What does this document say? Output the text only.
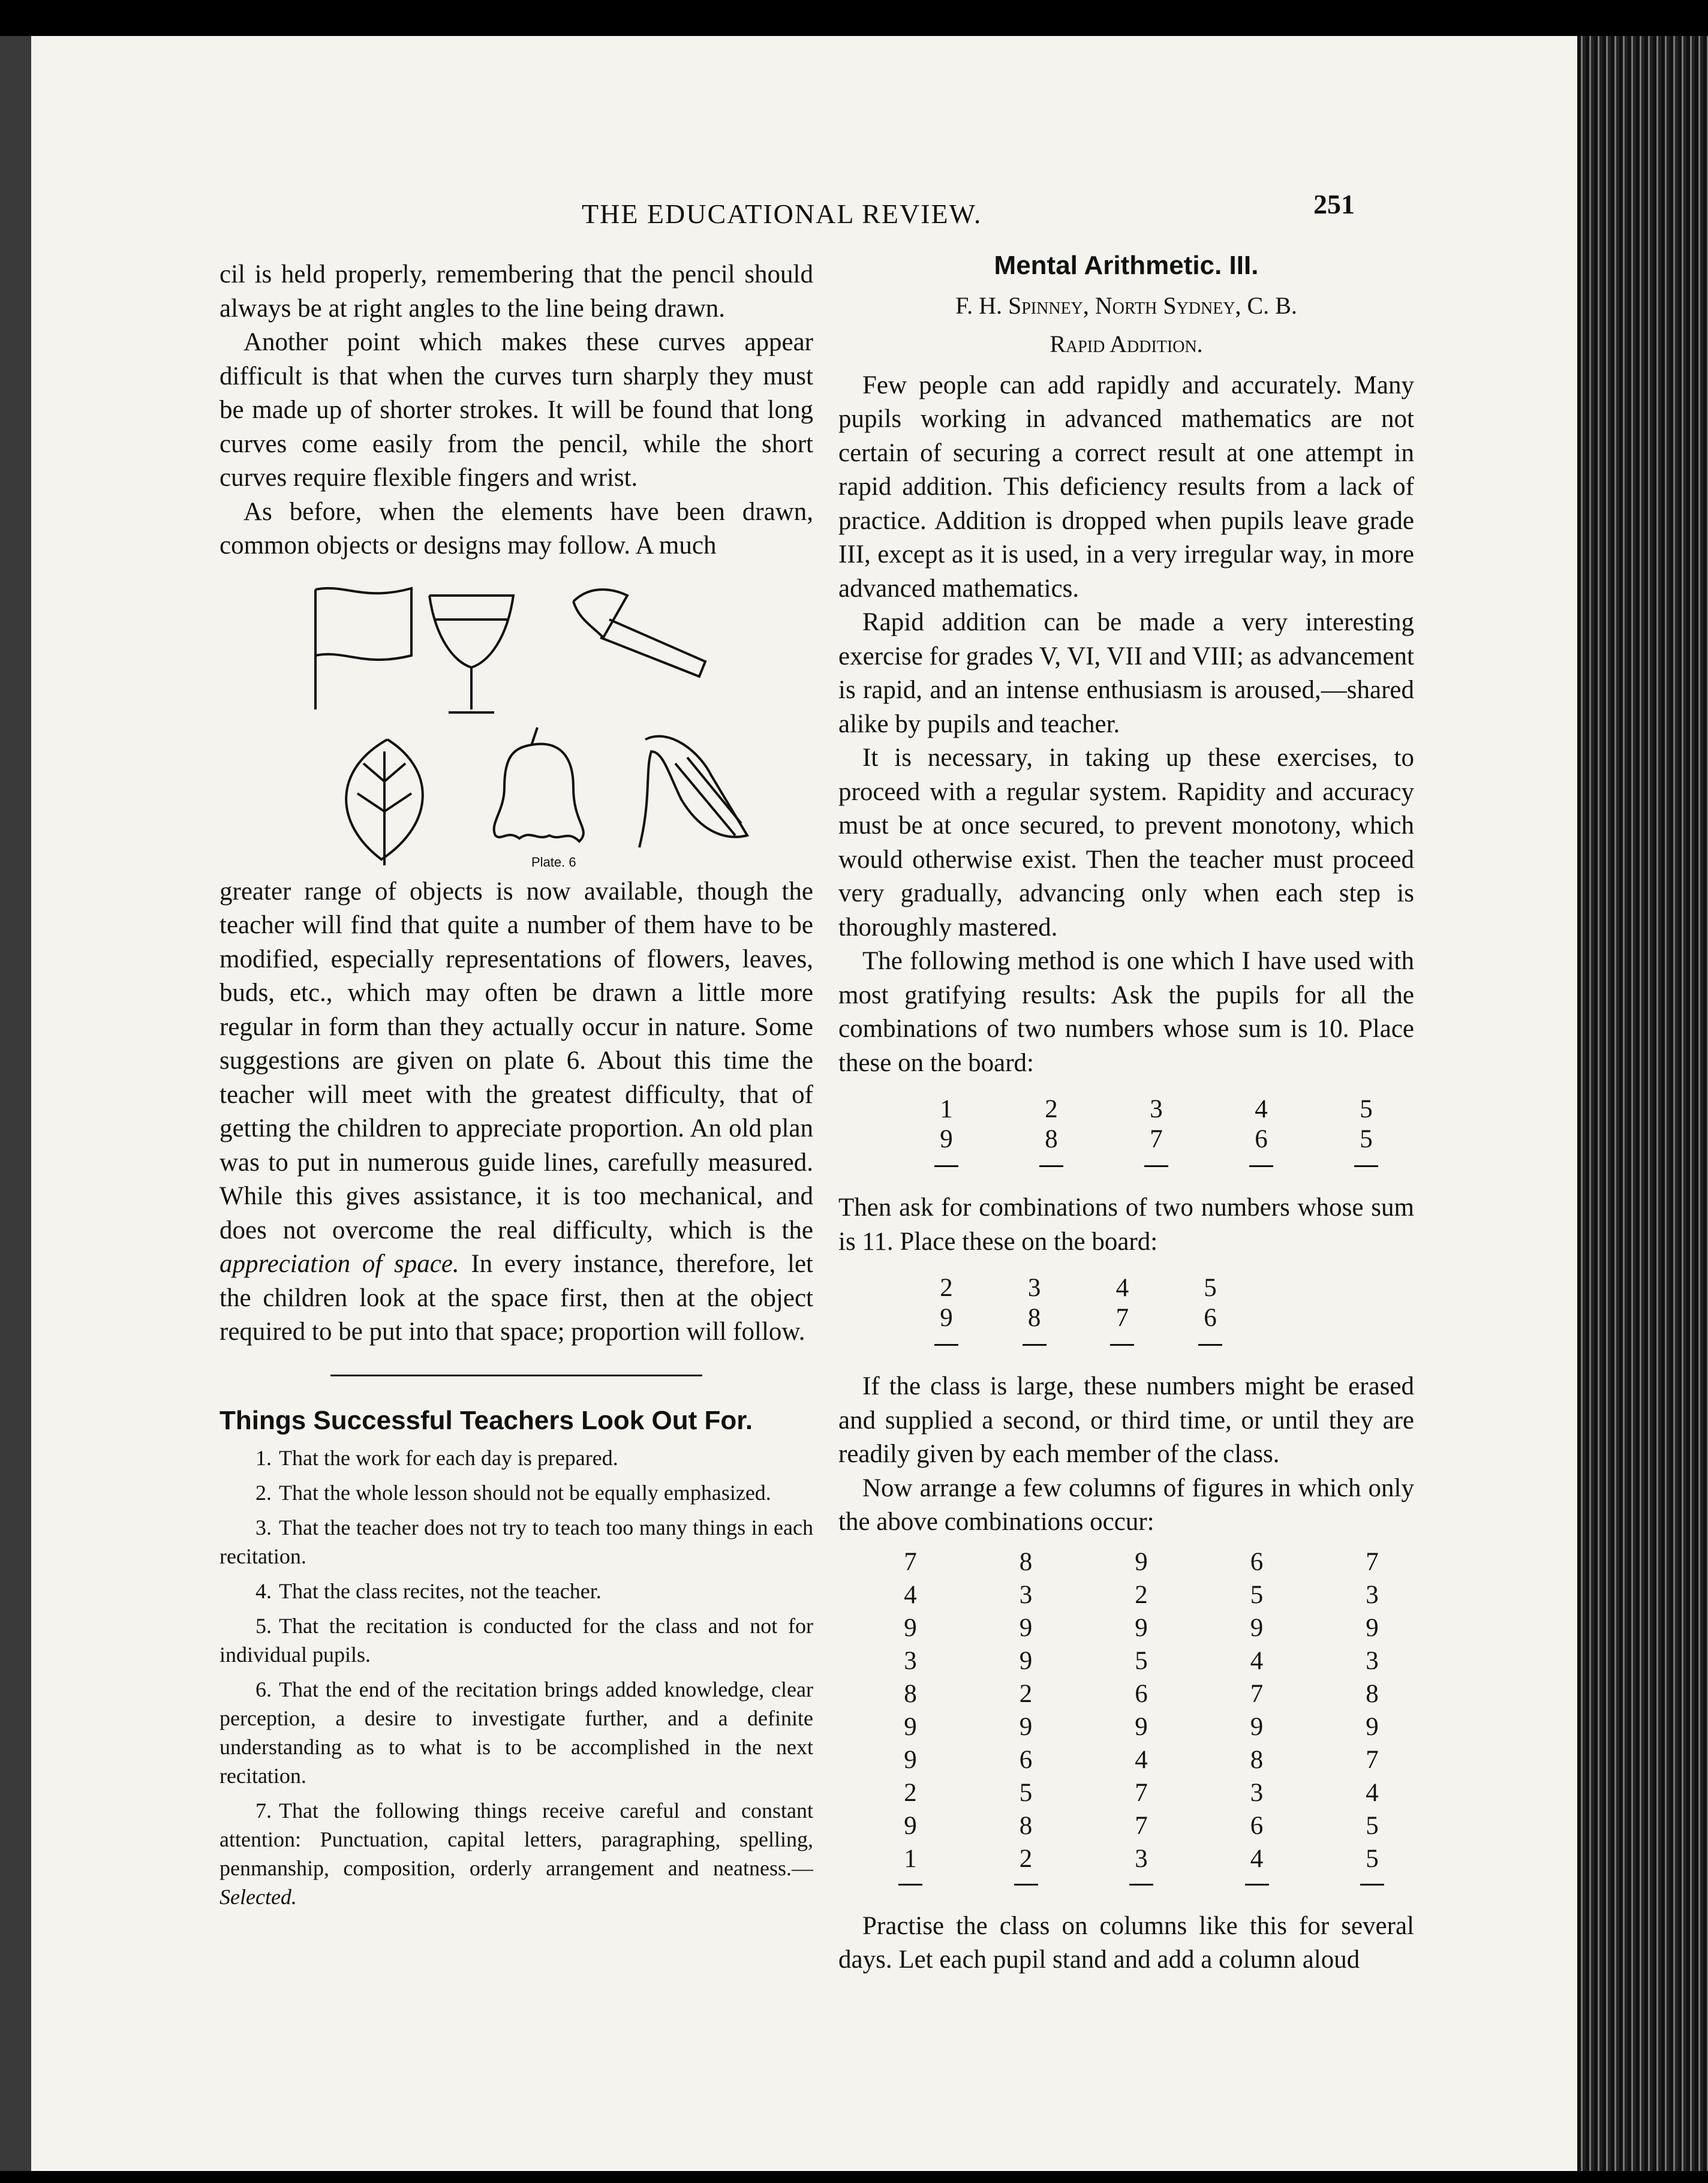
THE EDUCATIONAL REVIEW.	251

cil is held properly, remembering that the pencil should always be at right angles to the line being drawn.

Another point which makes these curves appear difficult is that when the curves turn sharply they must be made up of shorter strokes. It will be found that long curves come easily from the pencil, while the short curves require flexible fingers and wrist.

As before, when the elements have been drawn, common objects or designs may follow. A much

Plate. 6

greater range of objects is now available, though the teacher will find that quite a number of them have to be modified, especially representations of flowers, leaves, buds, etc., which may often be drawn a little more regular in form than they actually occur in nature. Some suggestions are given on plate 6. About this time the teacher will meet with the greatest difficulty, that of getting the children to appreciate proportion. An old plan was to put in numerous guide lines, carefully measured. While this gives assistance, it is too mechanical, and does not overcome the real difficulty, which is the appreciation of space. In every instance, therefore, let the children look at the space first, then at the object required to be put into that space; proportion will follow.

Things Successful Teachers Look Out For.
1. That the work for each day is prepared.
2. That the whole lesson should not be equally emphasized.
3. That the teacher does not try to teach too many things in each recitation.
4. That the class recites, not the teacher.
5. That the recitation is conducted for the class and not for individual pupils.
6. That the end of the recitation brings added knowledge, clear perception, a desire to investigate further, and a definite understanding as to what is to be accomplished in the next recitation.
7. That the following things receive careful and constant attention: Punctuation, capital letters, paragraphing, spelling, penmanship, composition, orderly arrangement and neatness.—Selected.
Mental Arithmetic. III.
F. H. Spinney, North Sydney, C. B.
Rapid Addition.

Few people can add rapidly and accurately. Many pupils working in advanced mathematics are not certain of securing a correct result at one attempt in rapid addition. This deficiency results from a lack of practice. Addition is dropped when pupils leave grade III, except as it is used, in a very irregular way, in more advanced mathematics.

Rapid addition can be made a very interesting exercise for grades V, VI, VII and VIII; as advancement is rapid, and an intense enthusiasm is aroused,—shared alike by pupils and teacher.

It is necessary, in taking up these exercises, to proceed with a regular system. Rapidity and accuracy must be at once secured, to prevent monotony, which would otherwise exist. Then the teacher must proceed very gradually, advancing only when each step is thoroughly mastered.

The following method is one which I have used with most gratifying results: Ask the pupils for all the combinations of two numbers whose sum is 10. Place these on the board:

1
9
2
8
3
7
4
6
5
5

Then ask for combinations of two numbers whose sum is 11. Place these on the board:

2
9
3
8
4
7
5
6

If the class is large, these numbers might be erased and supplied a second, or third time, or until they are readily given by each member of the class.

Now arrange a few columns of figures in which only the above combinations occur:

7
4
9
3
8
9
9
2
9
1
8
3
9
9
2
9
6
5
8
2
9
2
9
5
6
9
4
7
7
3
6
5
9
4
7
9
8
3
6
4
7
3
9
3
8
9
7
4
5
5

Practise the class on columns like this for several days. Let each pupil stand and add a column aloud
